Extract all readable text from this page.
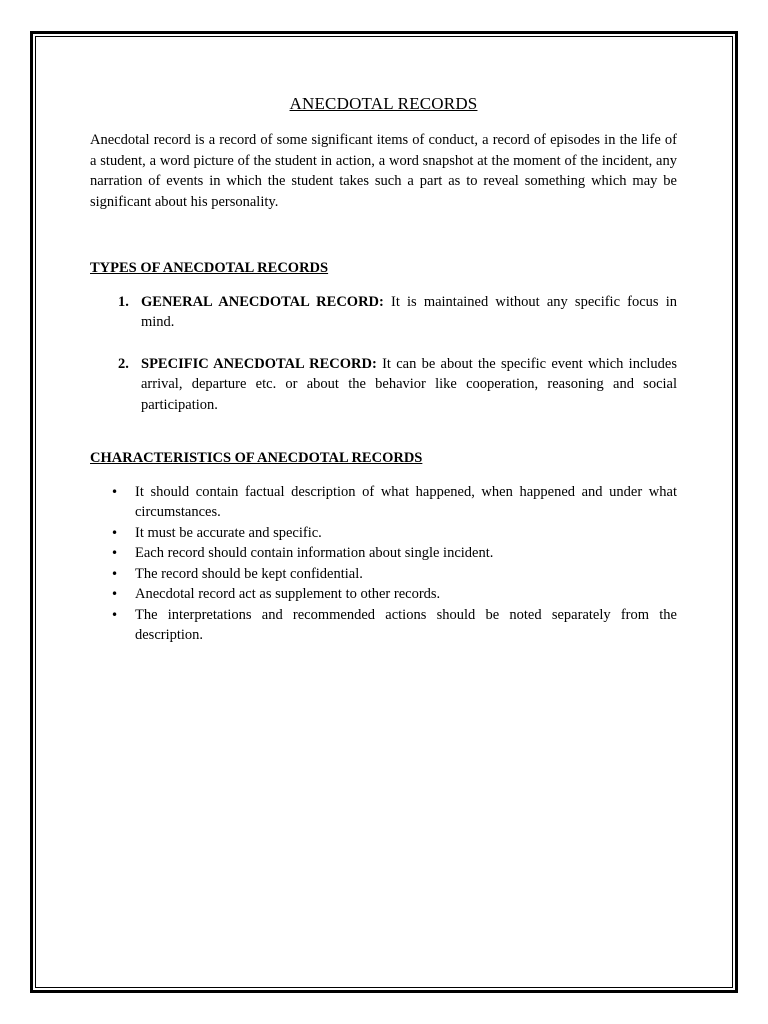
ANECDOTAL RECORDS

Anecdotal record is a record of some significant items of conduct, a record of episodes in the life of a student, a word picture of the student in action, a word snapshot at the moment of the incident, any narration of events in which the student takes such a part as to reveal something which may be significant about his personality.

TYPES OF ANECDOTAL RECORDS

1. GENERAL ANECDOTAL RECORD: It is maintained without any specific focus in mind.
2. SPECIFIC ANECDOTAL RECORD: It can be about the specific event which includes arrival, departure etc. or about the behavior like cooperation, reasoning and social participation.

CHARACTERISTICS OF ANECDOTAL RECORDS

• It should contain factual description of what happened, when happened and under what circumstances.
• It must be accurate and specific.
• Each record should contain information about single incident.
• The record should be kept confidential.
• Anecdotal record act as supplement to other records.
• The interpretations and recommended actions should be noted separately from the description.
